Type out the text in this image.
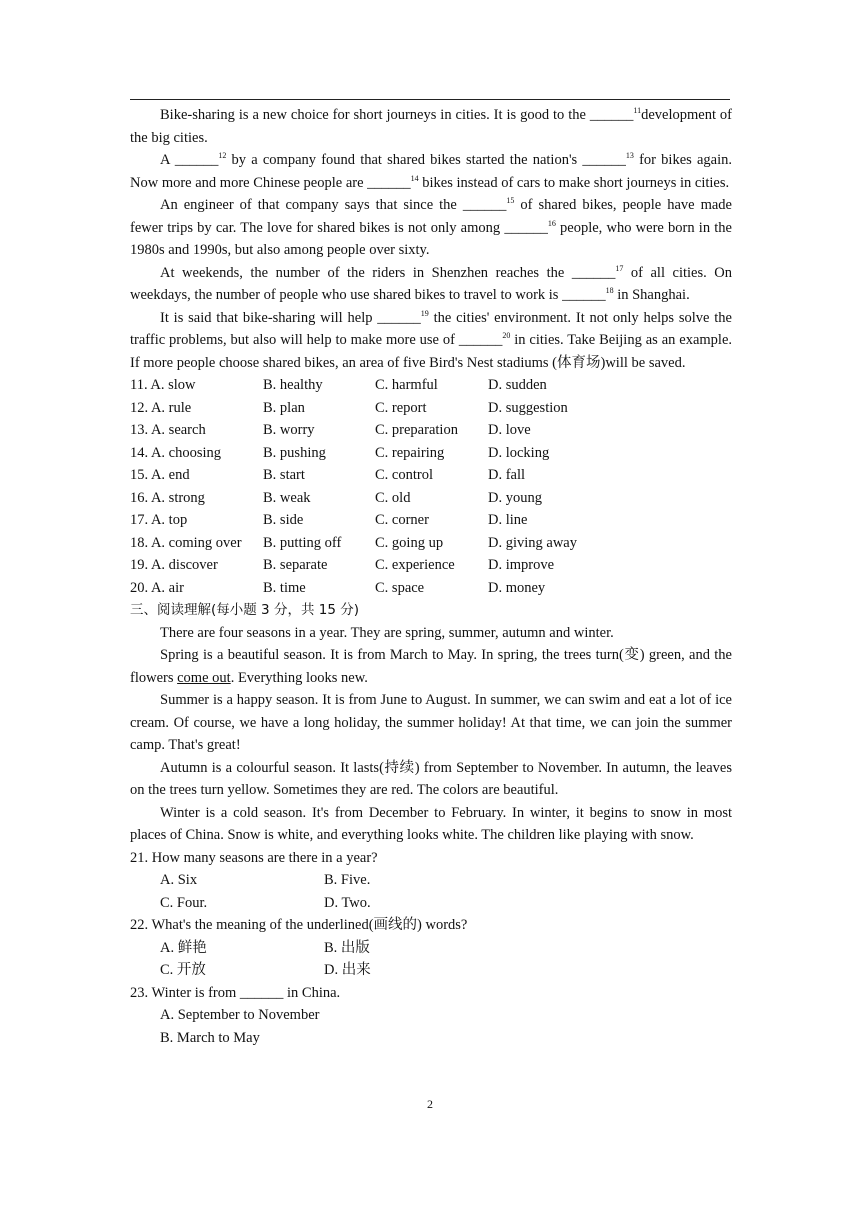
Bike-sharing is a new choice for short journeys in cities. It is good to the ______$^{11}$development of the big cities.

A ______$^{12}$ by a company found that shared bikes started the nation's ______$^{13}$ for bikes again. Now more and more Chinese people are ______$^{14}$ bikes instead of cars to make short journeys in cities.

An engineer of that company says that since the ______$^{15}$ of shared bikes, people have made fewer trips by car. The love for shared bikes is not only among ______$^{16}$ people, who were born in the 1980s and 1990s, but also among people over sixty.

At weekends, the number of the riders in Shenzhen reaches the ______$^{17}$ of all cities. On weekdays, the number of people who use shared bikes to travel to work is ______$^{18}$ in Shanghai.

It is said that bike-sharing will help ______$^{19}$ the cities' environment. It not only helps solve the traffic problems, but also will help to make more use of ______$^{20}$ in cities. Take Beijing as an example. If more people choose shared bikes, an area of five Bird's Nest stadiums (体育场)will be saved.

11. A. slow	B. healthy	C. harmful	D. sudden
12. A. rule	B. plan	C. report	D. suggestion
13. A. search	B. worry	C. preparation	D. love
14. A. choosing	B. pushing	C. repairing	D. locking
15. A. end	B. start	C. control	D. fall
16. A. strong	B. weak	C. old	D. young
17. A. top	B. side	C. corner	D. line
18. A. coming over	B. putting off	C. going up	D. giving away
19. A. discover	B. separate	C. experience	D. improve
20. A. air	B. time	C. space	D. money
三、阅读理解(每小题 3 分，共 15 分)

There are four seasons in a year. They are spring, summer, autumn and winter.

Spring is a beautiful season. It is from March to May. In spring, the trees turn(变) green, and the flowers come out. Everything looks new.

Summer is a happy season. It is from June to August. In summer, we can swim and eat a lot of ice cream. Of course, we have a long holiday, the summer holiday! At that time, we can join the summer camp. That's great!

Autumn is a colourful season. It lasts(持续) from September to November. In autumn, the leaves on the trees turn yellow. Sometimes they are red. The colors are beautiful.

Winter is a cold season. It's from December to February. In winter, it begins to snow in most places of China. Snow is white, and everything looks white. The children like playing with snow.

21. How many seasons are there in a year?
A. Six	B. Five.
C. Four.	D. Two.
22. What's the meaning of the underlined(画线的) words?
A. 鲜艳	B. 出版
C. 开放	D. 出来
23. Winter is from ______ in China.
A. September to November
B. March to May
2
